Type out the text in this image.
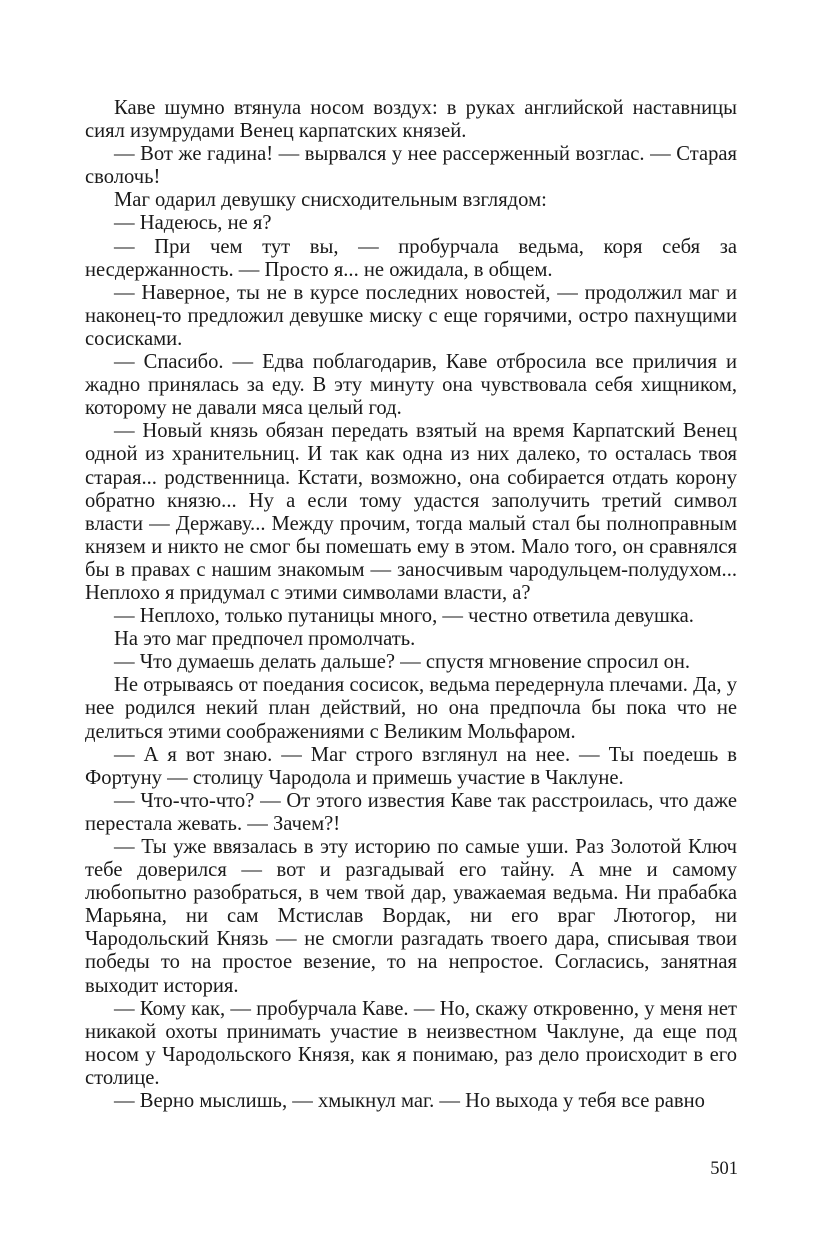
Каве шумно втянула носом воздух: в руках английской наставницы сиял изумрудами Венец карпатских князей.

— Вот же гадина! — вырвался у нее рассерженный возглас. — Старая сволочь!

Маг одарил девушку снисходительным взглядом:

— Надеюсь, не я?

— При чем тут вы, — пробурчала ведьма, коря себя за несдержанность. — Просто я... не ожидала, в общем.

— Наверное, ты не в курсе последних новостей, — продолжил маг и наконец-то предложил девушке миску с еще горячими, остро пахнущими сосисками.

— Спасибо. — Едва поблагодарив, Каве отбросила все приличия и жадно принялась за еду. В эту минуту она чувствовала себя хищником, которому не давали мяса целый год.

— Новый князь обязан передать взятый на время Карпатский Венец одной из хранительниц. И так как одна из них далеко, то осталась твоя старая... родственница. Кстати, возможно, она собирается отдать корону обратно князю... Ну а если тому удастся заполучить третий символ власти — Державу... Между прочим, тогда малый стал бы полноправным князем и никто не смог бы помешать ему в этом. Мало того, он сравнялся бы в правах с нашим знакомым — заносчивым чародульцем-полудухом... Неплохо я придумал с этими символами власти, а?

— Неплохо, только путаницы много, — честно ответила девушка.

На это маг предпочел промолчать.

— Что думаешь делать дальше? — спустя мгновение спросил он.

Не отрываясь от поедания сосисок, ведьма передернула плечами. Да, у нее родился некий план действий, но она предпочла бы пока что не делиться этими соображениями с Великим Мольфаром.

— А я вот знаю. — Маг строго взглянул на нее. — Ты поедешь в Фортуну — столицу Чародола и примешь участие в Чаклуне.

— Что-что-что? — От этого известия Каве так расстроилась, что даже перестала жевать. — Зачем?!

— Ты уже ввязалась в эту историю по самые уши. Раз Золотой Ключ тебе доверился — вот и разгадывай его тайну. А мне и самому любопытно разобраться, в чем твой дар, уважаемая ведьма. Ни прабабка Марьяна, ни сам Мстислав Вордак, ни его враг Лютогор, ни Чародольский Князь — не смогли разгадать твоего дара, списывая твои победы то на простое везение, то на непростое. Согласись, занятная выходит история.

— Кому как, — пробурчала Каве. — Но, скажу откровенно, у меня нет никакой охоты принимать участие в неизвестном Чаклуне, да еще под носом у Чародольского Князя, как я понимаю, раз дело происходит в его столице.

— Верно мыслишь, — хмыкнул маг. — Но выхода у тебя все равно

501
